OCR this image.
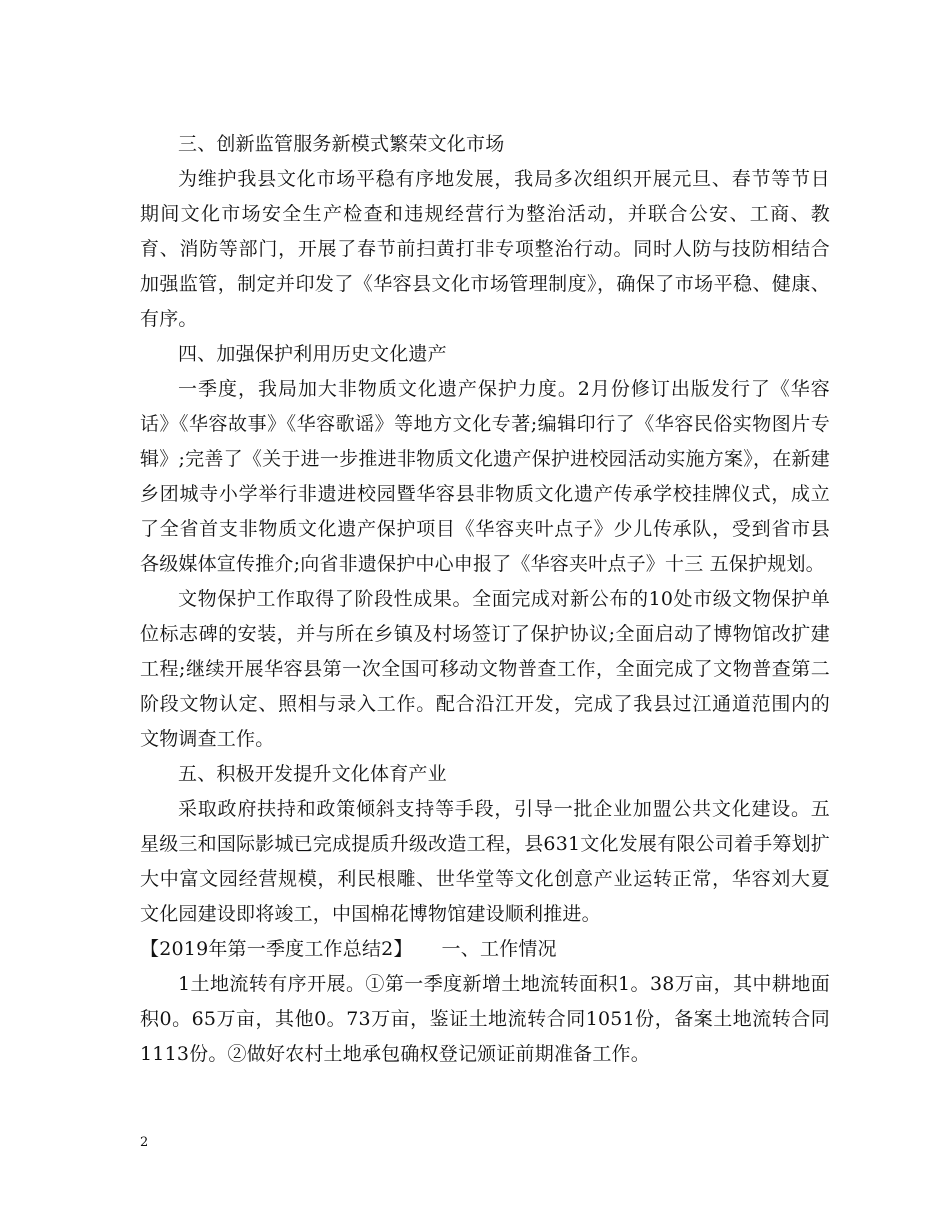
三、创新监管服务新模式繁荣文化市场

为维护我县文化市场平稳有序地发展，我局多次组织开展元旦、春节等节日期间文化市场安全生产检查和违规经营行为整治活动，并联合公安、工商、教育、消防等部门，开展了春节前扫黄打非专项整治行动。同时人防与技防相结合加强监管，制定并印发了《华容县文化市场管理制度》，确保了市场平稳、健康、有序。

四、加强保护利用历史文化遗产

一季度，我局加大非物质文化遗产保护力度。2月份修订出版发行了《华容话》《华容故事》《华容歌谣》等地方文化专著;编辑印行了《华容民俗实物图片专辑》;完善了《关于进一步推进非物质文化遗产保护进校园活动实施方案》，在新建乡团城寺小学举行非遗进校园暨华容县非物质文化遗产传承学校挂牌仪式，成立了全省首支非物质文化遗产保护项目《华容夹叶点子》少儿传承队，受到省市县各级媒体宣传推介;向省非遗保护中心申报了《华容夹叶点子》十三 五保护规划。

文物保护工作取得了阶段性成果。全面完成对新公布的10处市级文物保护单位标志碑的安装，并与所在乡镇及村场签订了保护协议;全面启动了博物馆改扩建工程;继续开展华容县第一次全国可移动文物普查工作，全面完成了文物普查第二阶段文物认定、照相与录入工作。配合沿江开发，完成了我县过江通道范围内的文物调查工作。

五、积极开发提升文化体育产业

采取政府扶持和政策倾斜支持等手段，引导一批企业加盟公共文化建设。五星级三和国际影城已完成提质升级改造工程，县631文化发展有限公司着手筹划扩大中富文园经营规模，利民根雕、世华堂等文化创意产业运转正常，华容刘大夏文化园建设即将竣工，中国棉花博物馆建设顺利推进。

【2019年第一季度工作总结2】　　一、工作情况

1土地流转有序开展。①第一季度新增土地流转面积1。38万亩，其中耕地面积0。65万亩，其他0。73万亩，鉴证土地流转合同1051份，备案土地流转合同1113份。②做好农村土地承包确权登记颁证前期准备工作。

2
